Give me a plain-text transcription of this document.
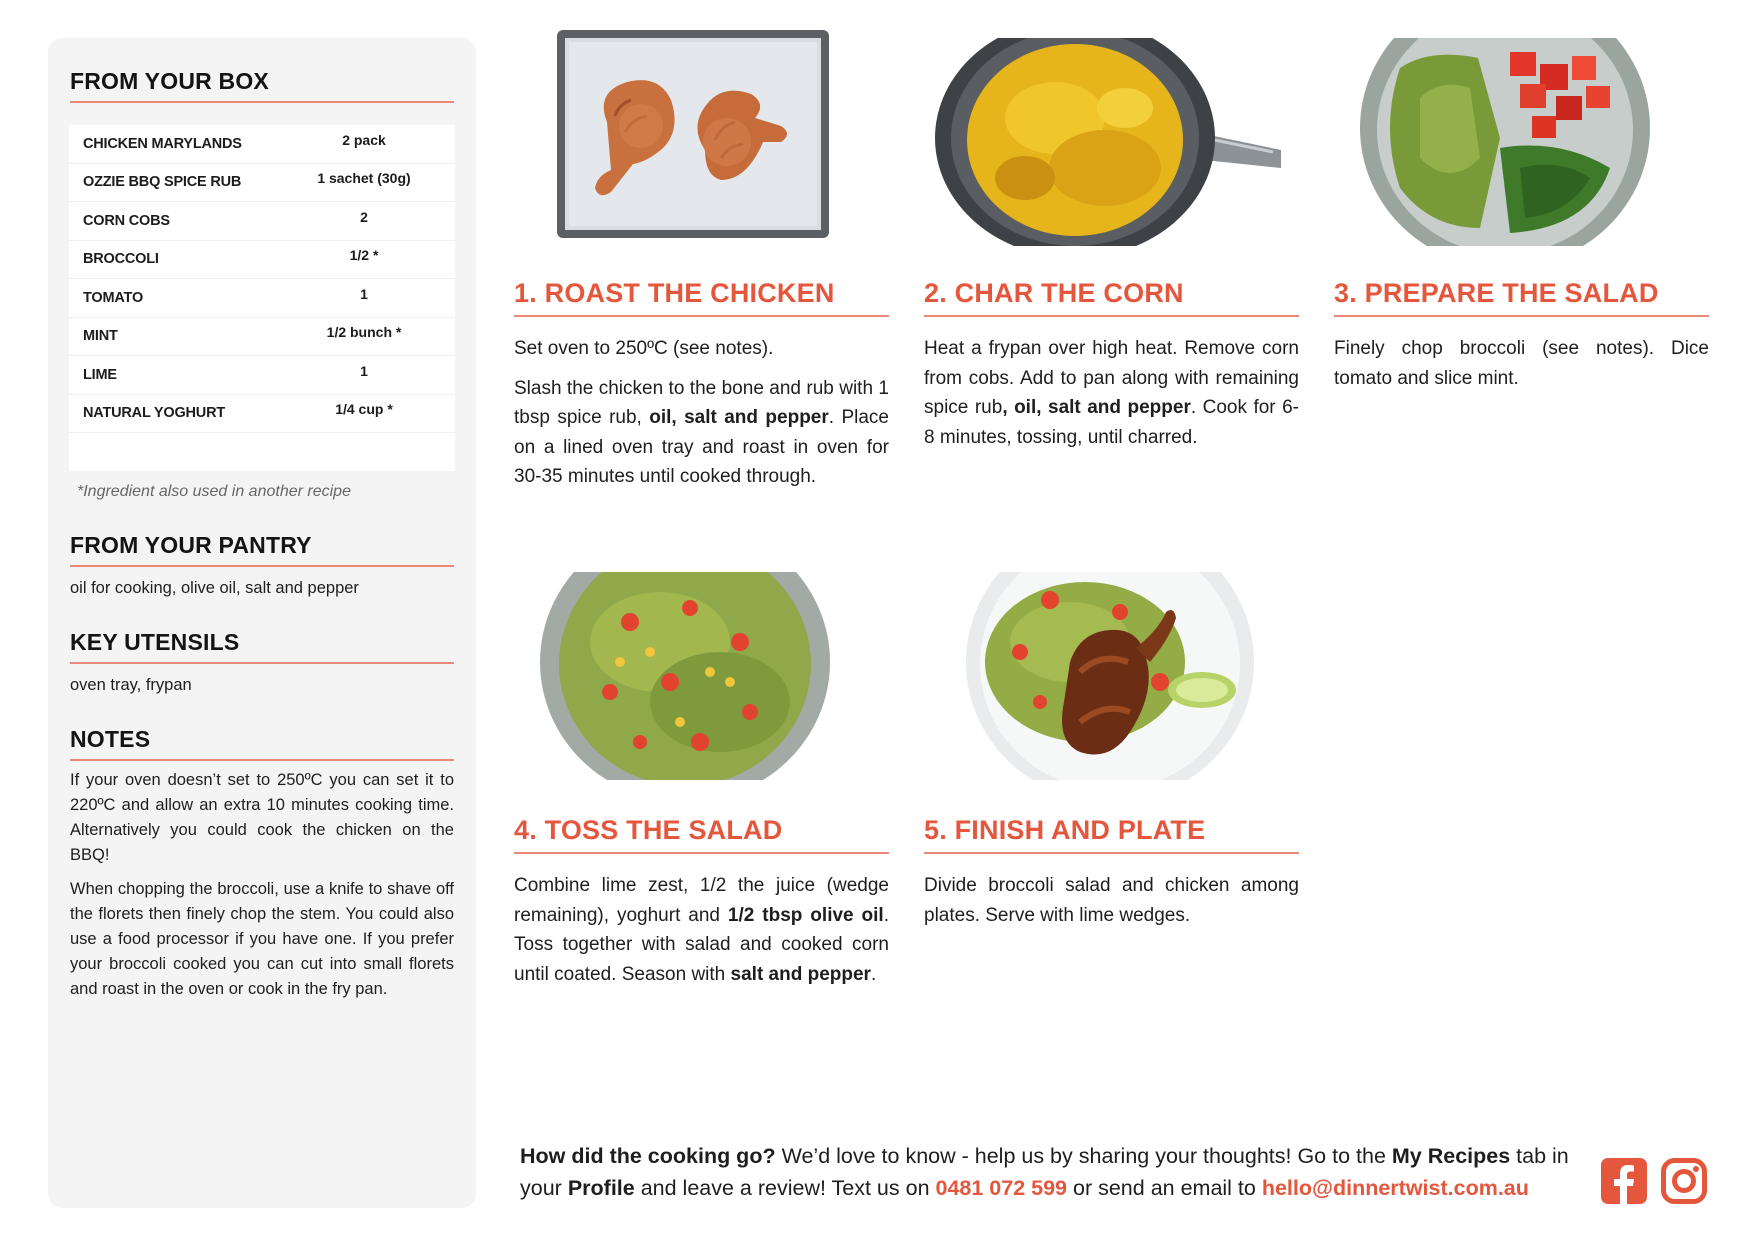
FROM YOUR BOX
CHICKEN MARYLANDS	2 pack
OZZIE BBQ SPICE RUB	1 sachet (30g)
CORN COBS	2
BROCCOLI	1/2 *
TOMATO	1
MINT	1/2 bunch *
LIME	1
NATURAL YOGHURT	1/4 cup *
*Ingredient also used in another recipe
FROM YOUR PANTRY
oil for cooking, olive oil, salt and pepper
KEY UTENSILS
oven tray, frypan
NOTES

If your oven doesn’t set to 250ºC you can set it to 220ºC and allow an extra 10 minutes cooking time. Alternatively you could cook the chicken on the BBQ!

When chopping the broccoli, use a knife to shave off the florets then finely chop the stem. You could also use a food processor if you have one. If you prefer your broccoli cooked you can cut into small florets and roast in the oven or cook in the fry pan.

1. ROAST THE CHICKEN

Set oven to 250ºC (see notes).

Slash the chicken to the bone and rub with 1 tbsp spice rub, oil, salt and pepper. Place on a lined oven tray and roast in oven for 30-35 minutes until cooked through.

2. CHAR THE CORN

Heat a frypan over high heat. Remove corn from cobs. Add to pan along with remaining spice rub, oil, salt and pepper. Cook for 6-8 minutes, tossing, until charred.

3. PREPARE THE SALAD

Finely chop broccoli (see notes). Dice tomato and slice mint.

4. TOSS THE SALAD

Combine lime zest, 1/2 the juice (wedge remaining), yoghurt and 1/2 tbsp olive oil. Toss together with salad and cooked corn until coated. Season with salt and pepper.

5. FINISH AND PLATE

Divide broccoli salad and chicken among plates. Serve with lime wedges.

How did the cooking go? We’d love to know - help us by sharing your thoughts! Go to the My Recipes tab in your Profile and leave a review! Text us on 0481 072 599 or send an email to hello@dinnertwist.com.au
